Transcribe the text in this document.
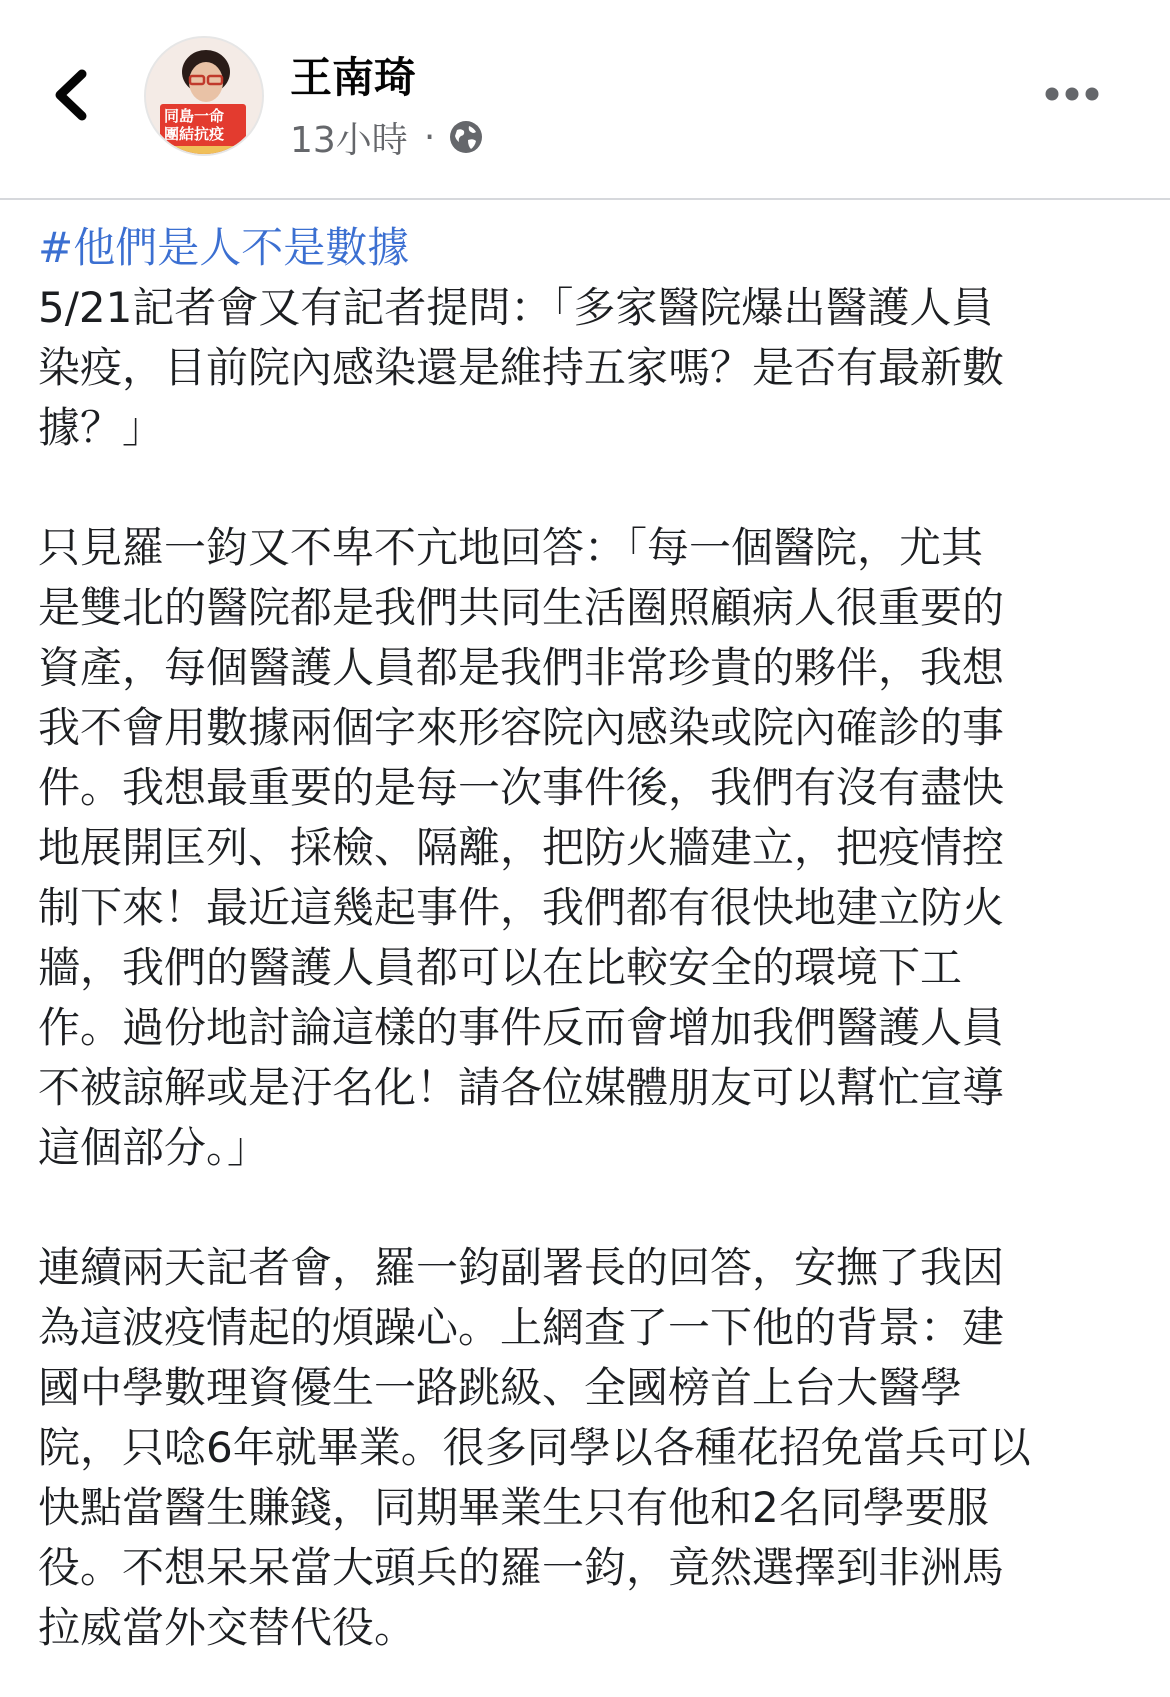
同島一命
團結抗疫
王南琦
13小時 ·
#他們是人不是數據

5/21記者會又有記者提問：「多家醫院爆出醫護人員
染疫，目前院內感染還是維持五家嗎？是否有最新數
據？」

只見羅一鈞又不卑不亢地回答：「每一個醫院，尤其
是雙北的醫院都是我們共同生活圈照顧病人很重要的
資產，每個醫護人員都是我們非常珍貴的夥伴，我想
我不會用數據兩個字來形容院內感染或院內確診的事
件。我想最重要的是每一次事件後，我們有沒有盡快
地展開匡列、採檢、隔離，把防火牆建立，把疫情控
制下來！最近這幾起事件，我們都有很快地建立防火
牆，我們的醫護人員都可以在比較安全的環境下工
作。過份地討論這樣的事件反而會增加我們醫護人員
不被諒解或是汙名化！請各位媒體朋友可以幫忙宣導
這個部分。」

連續兩天記者會，羅一鈞副署長的回答，安撫了我因
為這波疫情起的煩躁心。上網查了一下他的背景：建
國中學數理資優生一路跳級、全國榜首上台大醫學
院，只唸6年就畢業。很多同學以各種花招免當兵可以
快點當醫生賺錢，同期畢業生只有他和2名同學要服
役。不想呆呆當大頭兵的羅一鈞，竟然選擇到非洲馬
拉威當外交替代役。
